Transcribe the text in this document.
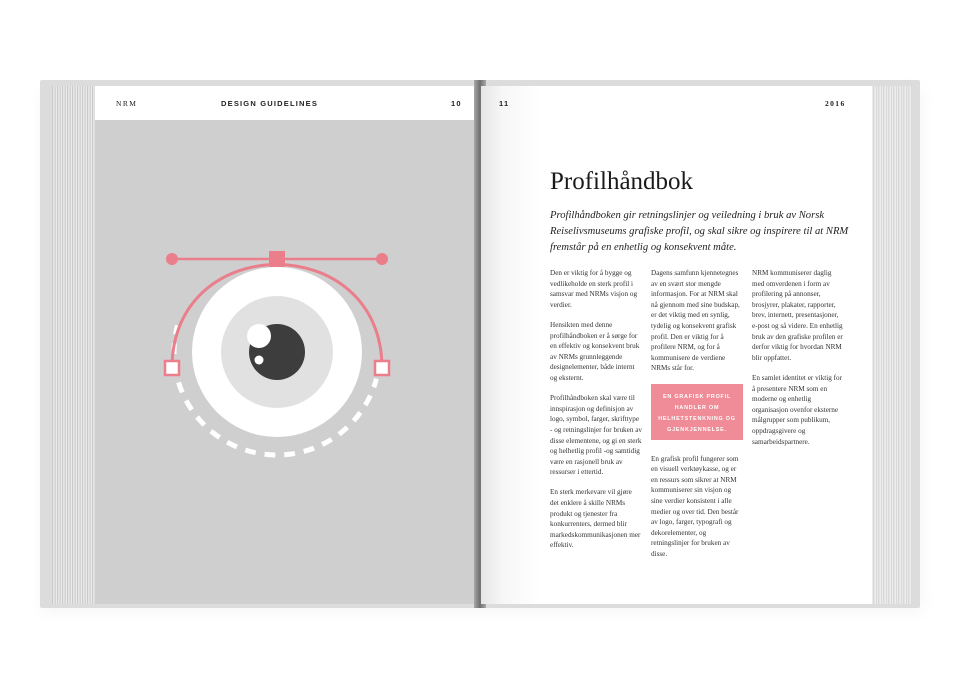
NRM	DESIGN GUIDELINES	10	11	2016
Profilhåndbok

Profilhåndboken gir retningslinjer og veiledning i bruk av Norsk Reiselivsmuseums grafiske profil, og skal sikre og inspirere til at NRM fremstår på en enhetlig og konsekvent måte.

Den er viktig for å bygge og vedlikeholde en sterk profil i samsvar med NRMs visjon og verdier.

Hensikten med denne profilhåndboken er å sørge for en effektiv og konsekvent bruk av NRMs grunnleggende designelementer, både internt og eksternt.

Profilhåndboken skal være til innspirasjon og definisjon av logo, symbol, farger, skrifttype - og retningslinjer for bruken av disse elementene, og gi en sterk og helhetlig profil -og samtidig være en rasjonell bruk av ressurser i ettertid.

En sterk merkevare vil gjøre det enklere å skille NRMs produkt og tjenester fra konkurrenters, dermed blir markedskommunikasjonen mer effektiv.

Dagens samfunn kjennetegnes av en svært stor mengde informasjon. For at NRM skal nå gjennom med sine budskap, er det viktig med en synlig, tydelig og konsekvent grafisk profil. Den er viktig for å profilere NRM, og for å kommunisere de verdiene NRMs står for.

EN GRAFISK PROFIL HANDLER OM HELHETSTENKNING OG GJENKJENNELSE.

En grafisk profil fungerer som en visuell verktøykasse, og er en ressurs som sikrer at NRM kommuniserer sin visjon og sine verdier konsistent i alle medier og over tid. Den består av logo, farger, typografi og dekorelementer, og retningslinjer for bruken av disse.

NRM kommuniserer daglig med omverdenen i form av profilering på annonser, brosjyrer, plakater, rapporter, brev, internett, presentasjoner, e-post og så videre. En enhetlig bruk av den grafiske profilen er derfor viktig for hvordan NRM blir oppfattet.

En samlet identitet er viktig for å presentere NRM som en moderne og enhetlig organisasjon ovenfor eksterne målgrupper som publikum, oppdragsgivere og samarbeidspartnere.
